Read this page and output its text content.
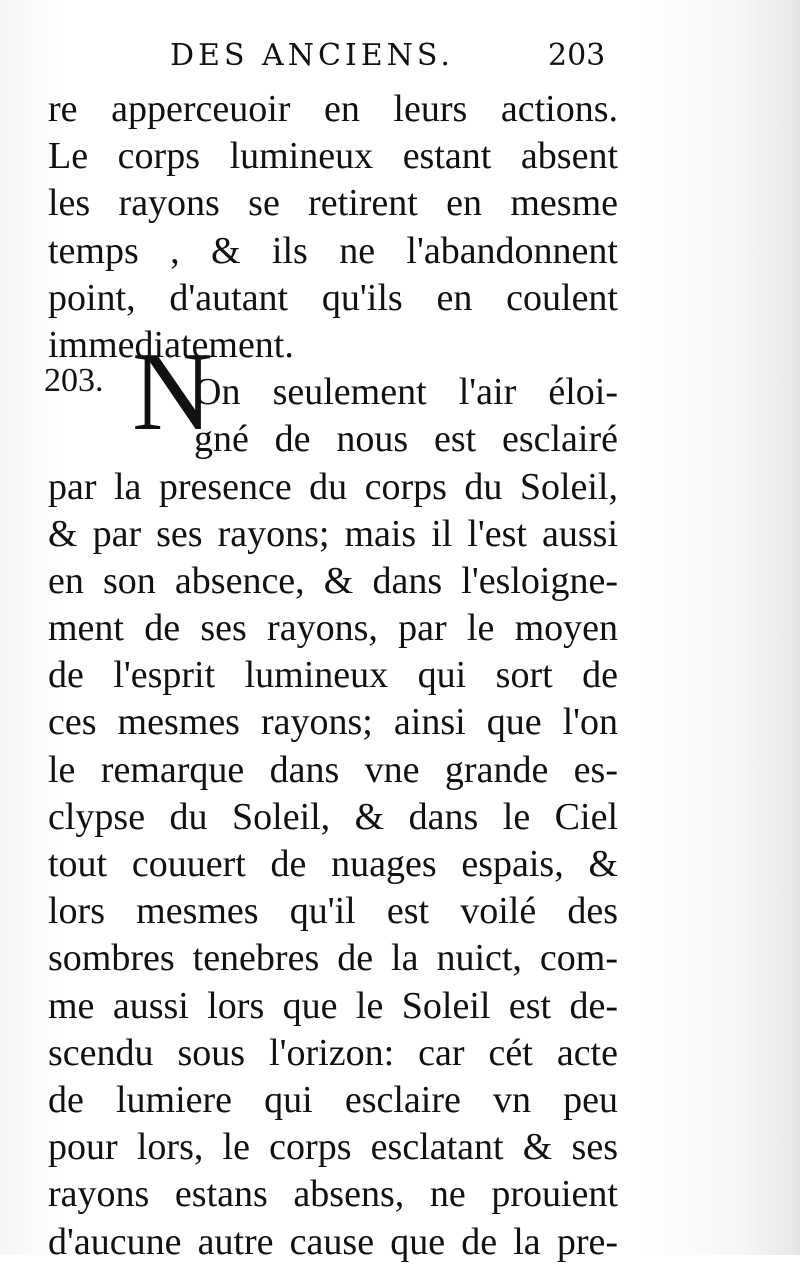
DES ANCIENS.	203
203. N
re apperceuoir en leurs actions.
Le corps lumineux estant absent
les rayons se retirent en mesme
temps , & ils ne l'abandonnent
point, d'autant qu'ils en coulent
immediatement.
On seulement l'air éloi-
gné de nous est esclairé
par la presence du corps du Soleil,
& par ses rayons; mais il l'est aussi
en son absence, & dans l'esloigne-
ment de ses rayons, par le moyen
de l'esprit lumineux qui sort de
ces mesmes rayons; ainsi que l'on
le remarque dans vne grande es-
clypse du Soleil, & dans le Ciel
tout couuert de nuages espais, &
lors mesmes qu'il est voilé des
sombres tenebres de la nuict, com-
me aussi lors que le Soleil est de-
scendu sous l'orizon: car cét acte
de lumiere qui esclaire vn peu
pour lors, le corps esclatant & ses
rayons estans absens, ne prouient
d'aucune autre cause que de la pre-
